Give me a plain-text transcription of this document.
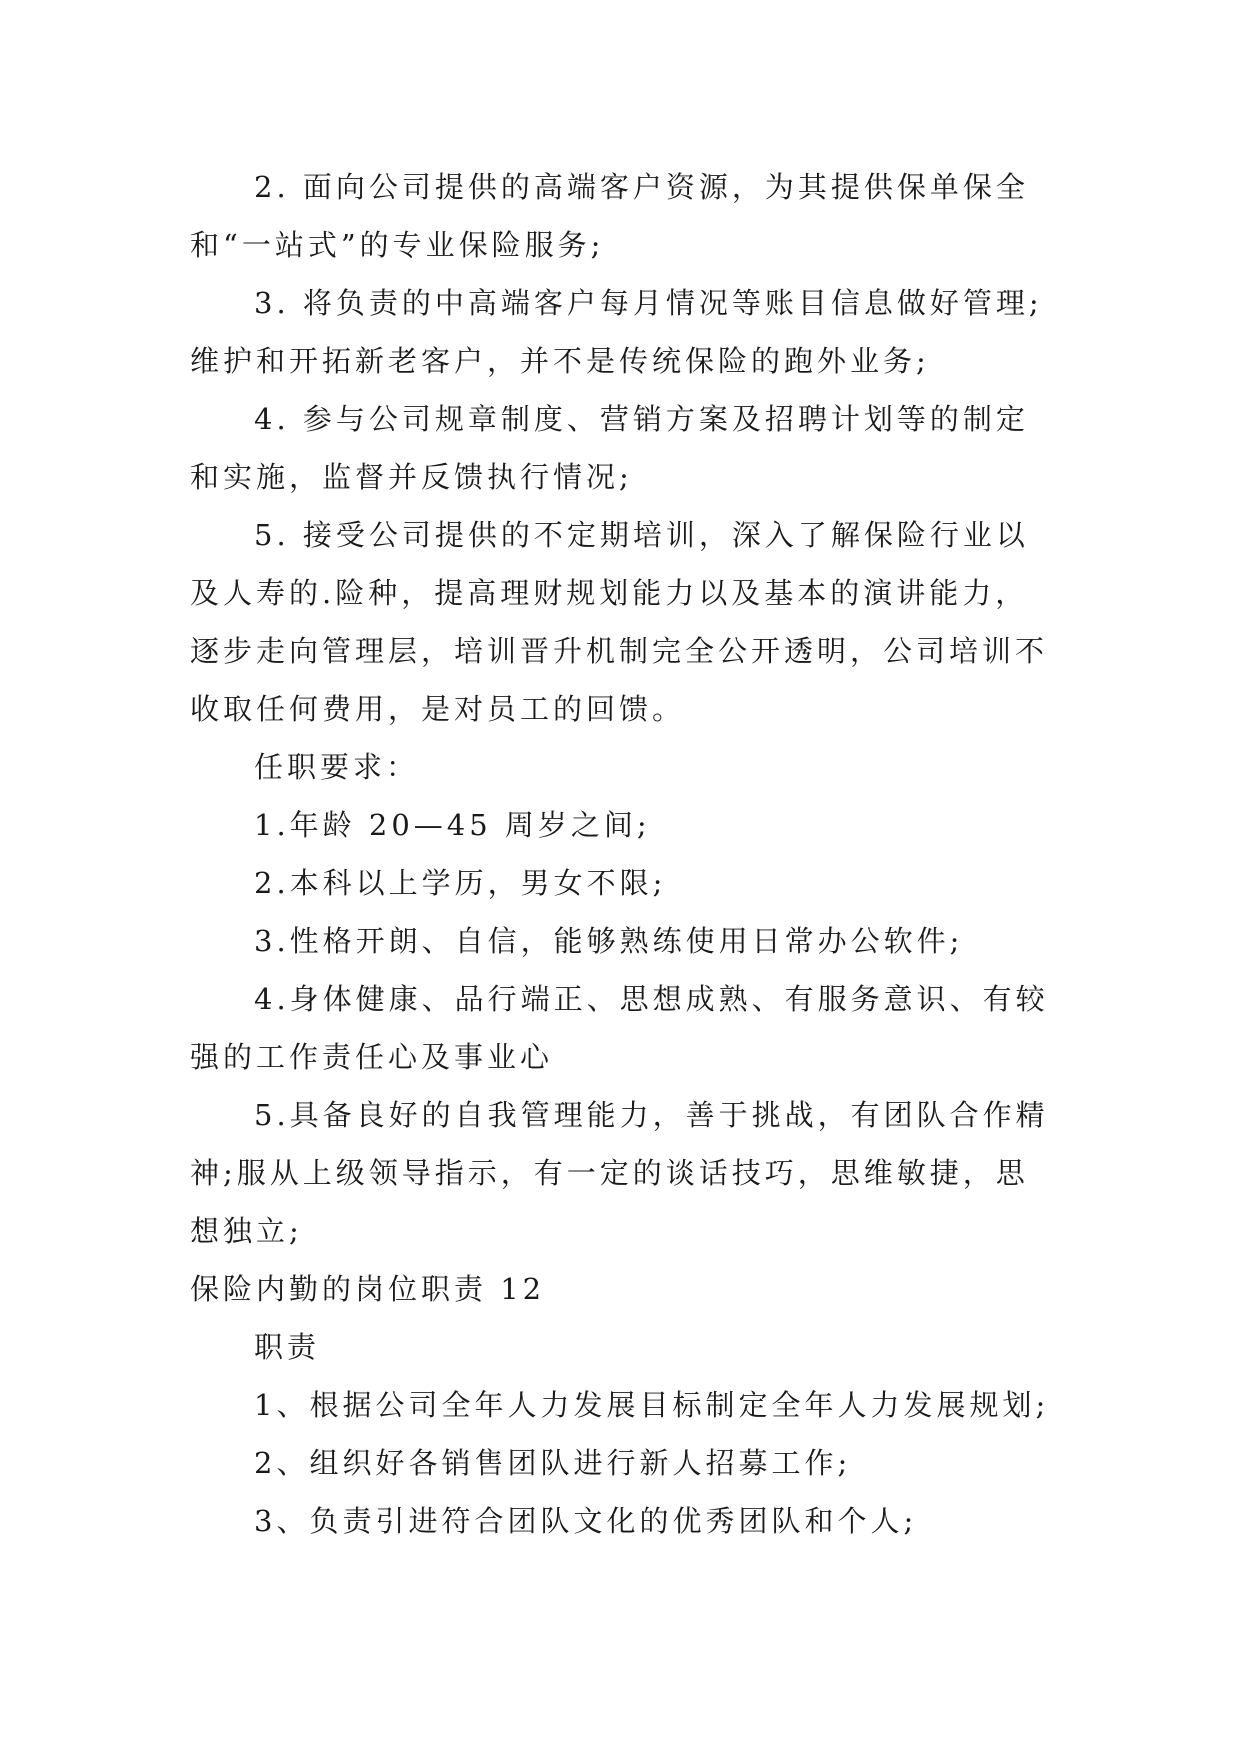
2. 面向公司提供的高端客户资源，为其提供保单保全

和“一站式”的专业保险服务;

3. 将负责的中高端客户每月情况等账目信息做好管理;

维护和开拓新老客户，并不是传统保险的跑外业务;

4. 参与公司规章制度、营销方案及招聘计划等的制定

和实施，监督并反馈执行情况;

5. 接受公司提供的不定期培训，深入了解保险行业以

及人寿的.险种，提高理财规划能力以及基本的演讲能力，

逐步走向管理层，培训晋升机制完全公开透明，公司培训不

收取任何费用，是对员工的回馈。

任职要求：

1.年龄 20—45 周岁之间;

2.本科以上学历，男女不限;

3.性格开朗、自信，能够熟练使用日常办公软件;

4.身体健康、品行端正、思想成熟、有服务意识、有较

强的工作责任心及事业心

5.具备良好的自我管理能力，善于挑战，有团队合作精

神;服从上级领导指示，有一定的谈话技巧，思维敏捷，思

想独立;

保险内勤的岗位职责 12

职责

1、根据公司全年人力发展目标制定全年人力发展规划;

2、组织好各销售团队进行新人招募工作;

3、负责引进符合团队文化的优秀团队和个人;
